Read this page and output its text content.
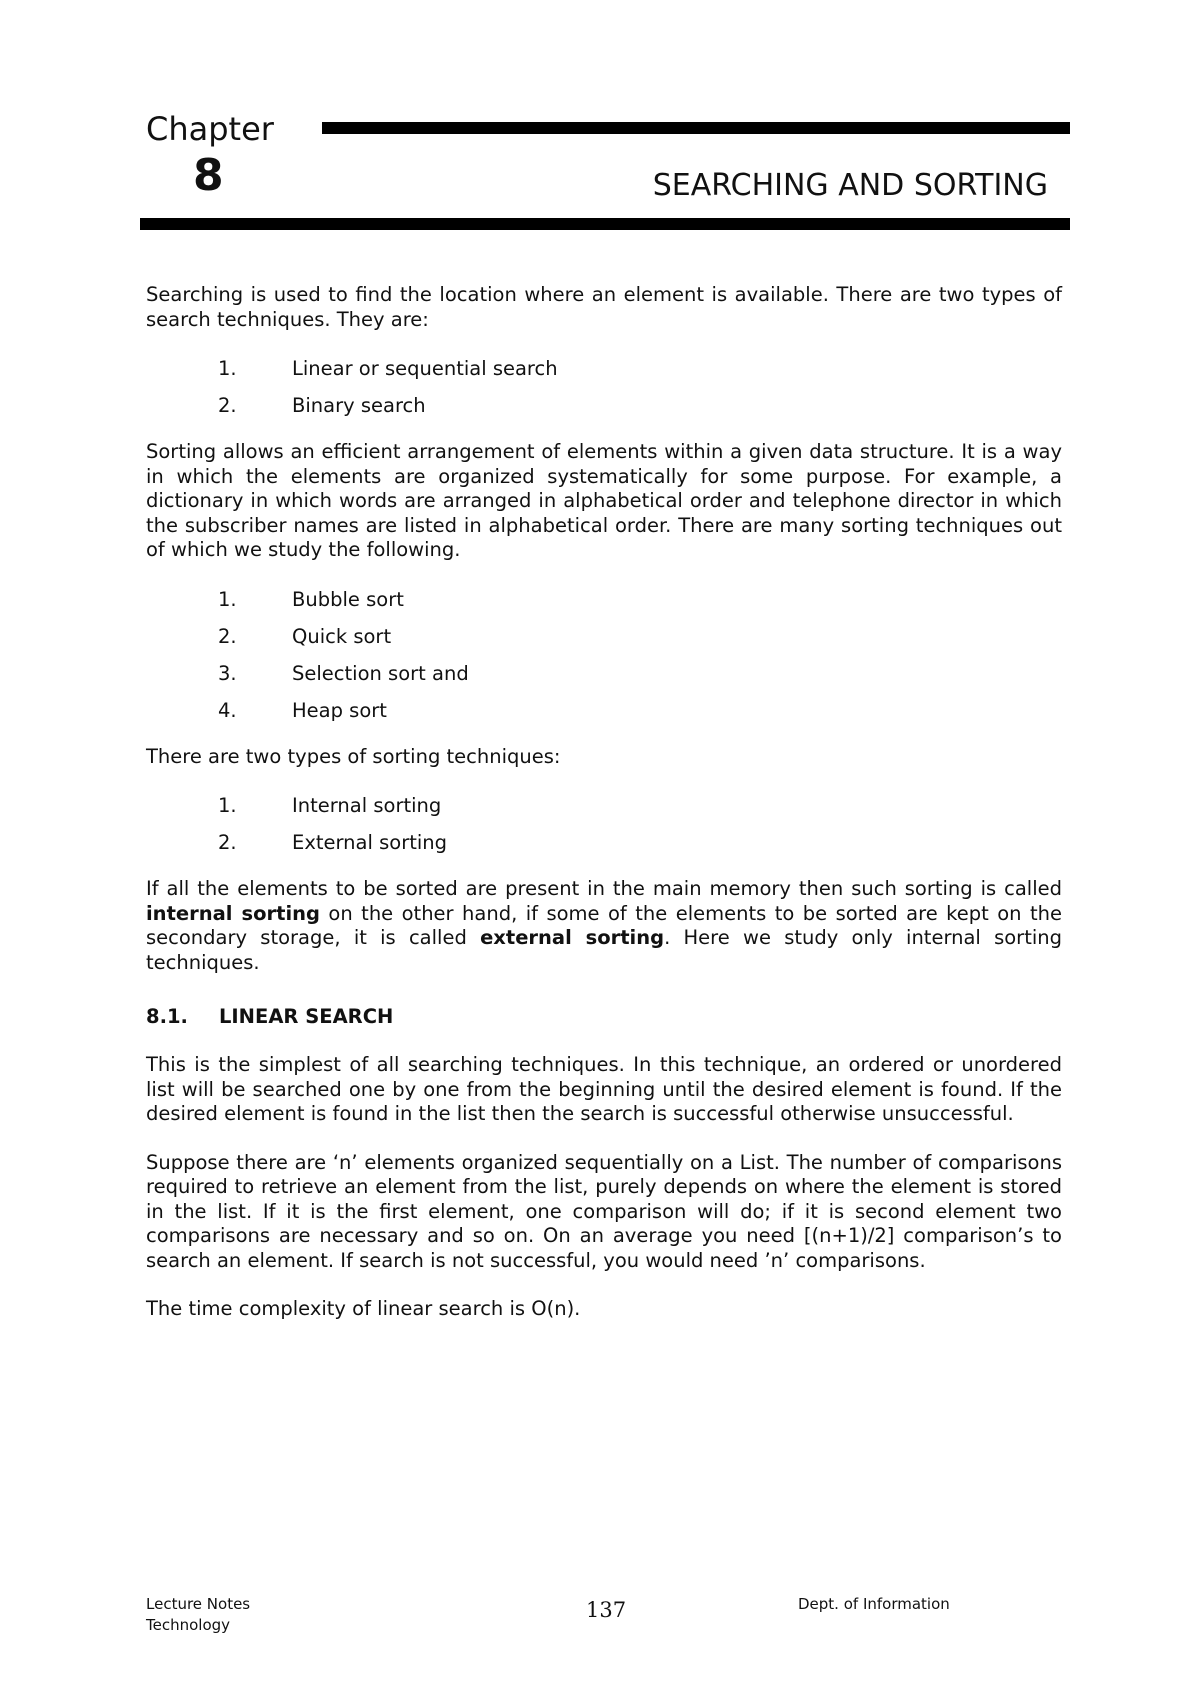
Chapter
8	SEARCHING AND SORTING

Searching is used to find the location where an element is available. There are two types of search techniques. They are:

1.	Linear or sequential search
2.	Binary search

Sorting allows an efficient arrangement of elements within a given data structure. It is a way in which the elements are organized systematically for some purpose. For example, a dictionary in which words are arranged in alphabetical order and telephone director in which the subscriber names are listed in alphabetical order. There are many sorting techniques out of which we study the following.

1.	Bubble sort
2.	Quick sort
3.	Selection sort and
4.	Heap sort

There are two types of sorting techniques:

1.	Internal sorting
2.	External sorting

If all the elements to be sorted are present in the main memory then such sorting is called internal sorting on the other hand, if some of the elements to be sorted are kept on the secondary storage, it is called external sorting. Here we study only internal sorting techniques.

8.1. LINEAR SEARCH

This is the simplest of all searching techniques. In this technique, an ordered or unordered list will be searched one by one from the beginning until the desired element is found. If the desired element is found in the list then the search is successful otherwise unsuccessful.

Suppose there are ‘n’ elements organized sequentially on a List. The number of comparisons required to retrieve an element from the list, purely depends on where the element is stored in the list. If it is the first element, one comparison will do; if it is second element two comparisons are necessary and so on. On an average you need [(n+1)/2] comparison’s to search an element. If search is not successful, you would need ’n’ comparisons.

The time complexity of linear search is O(n).

Lecture Notes Technology
137	Dept. of Information
